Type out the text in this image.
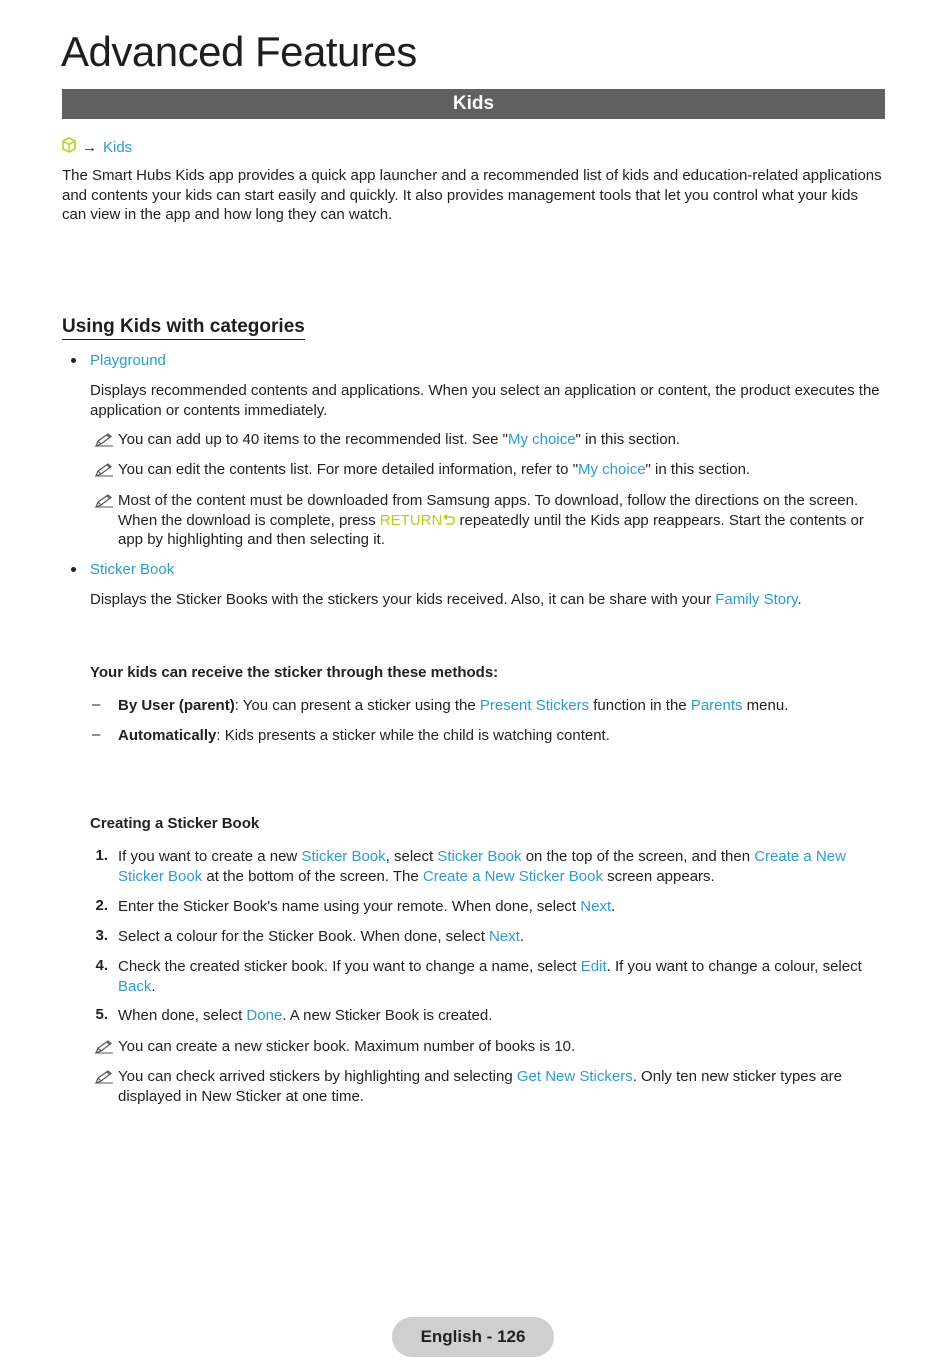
Advanced Features
Kids
→ Kids

The Smart Hubs Kids app provides a quick app launcher and a recommended list of kids and education-related applications and contents your kids can start easily and quickly. It also provides management tools that let you control what your kids can view in the app and how long they can watch.

Using Kids with categories
Playground

Displays recommended contents and applications. When you select an application or content, the product executes the application or contents immediately.

You can add up to 40 items to the recommended list. See "My choice" in this section.

You can edit the contents list. For more detailed information, refer to "My choice" in this section.

Most of the content must be downloaded from Samsung apps. To download, follow the directions on the screen. When the download is complete, press RETURN repeatedly until the Kids app reappears. Start the contents or app by highlighting and then selecting it.

Sticker Book

Displays the Sticker Books with the stickers your kids received. Also, it can be share with your Family Story.

Your kids can receive the sticker through these methods:

– By User (parent): You can present a sticker using the Present Stickers function in the Parents menu.

– Automatically: Kids presents a sticker while the child is watching content.

Creating a Sticker Book

1. If you want to create a new Sticker Book, select Sticker Book on the top of the screen, and then Create a New Sticker Book at the bottom of the screen. The Create a New Sticker Book screen appears.

2. Enter the Sticker Book's name using your remote. When done, select Next.

3. Select a colour for the Sticker Book. When done, select Next.

4. Check the created sticker book. If you want to change a name, select Edit. If you want to change a colour, select Back.

5. When done, select Done. A new Sticker Book is created.

You can create a new sticker book. Maximum number of books is 10.

You can check arrived stickers by highlighting and selecting Get New Stickers. Only ten new sticker types are displayed in New Sticker at one time.

English - 126
